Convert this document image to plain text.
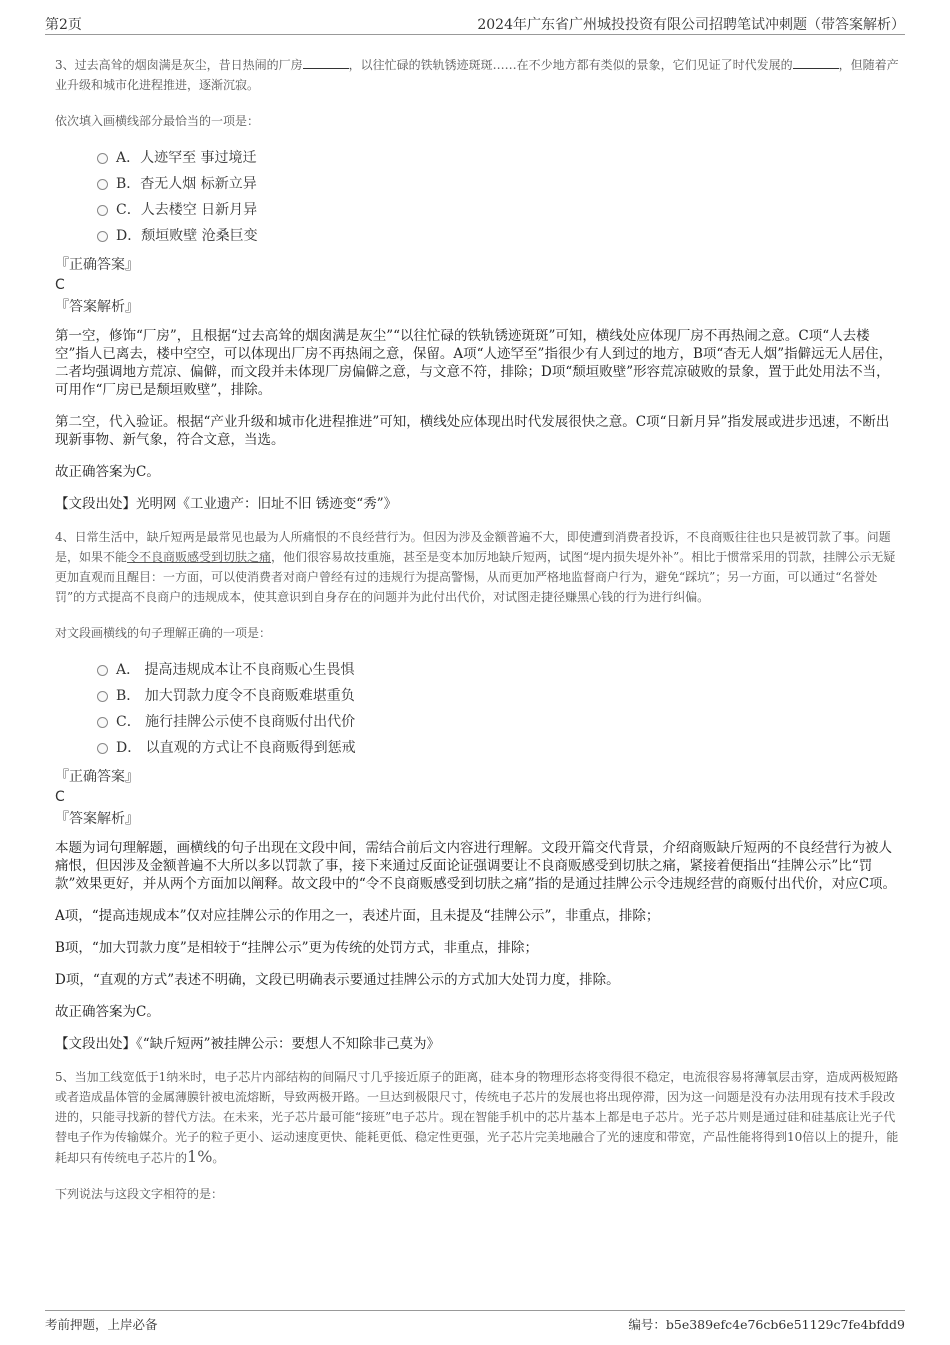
第2页	2024年广东省广州城投投资有限公司招聘笔试冲刺题（带答案解析）

3、过去高耸的烟囱满是灰尘，昔日热闹的厂房	，以往忙碌的铁轨锈迹斑斑……在不少地方都有类似的景象，它们见证了时代发展的	，但随着产业升级和城市化进程推进，逐渐沉寂。

依次填入画横线部分最恰当的一项是：

A．人迹罕至 事过境迁
B．杳无人烟 标新立异
C．人去楼空 日新月异
D．颓垣败壁 沧桑巨变

『正确答案』

C

『答案解析』

第一空，修饰“厂房”，且根据“过去高耸的烟囱满是灰尘”“以往忙碌的铁轨锈迹斑斑”可知，横线处应体现厂房不再热闹之意。C项“人去楼空”指人已离去，楼中空空，可以体现出厂房不再热闹之意，保留。A项“人迹罕至”指很少有人到过的地方，B项“杳无人烟”指僻远无人居住，二者均强调地方荒凉、偏僻，而文段并未体现厂房偏僻之意，与文意不符，排除；D项“颓垣败壁”形容荒凉破败的景象，置于此处用法不当，可用作“厂房已是颓垣败壁”，排除。

第二空，代入验证。根据“产业升级和城市化进程推进”可知，横线处应体现出时代发展很快之意。C项“日新月异”指发展或进步迅速，不断出现新事物、新气象，符合文意，当选。

故正确答案为C。

【文段出处】光明网《工业遗产：旧址不旧 锈迹变“秀”》

4、日常生活中，缺斤短两是最常见也最为人所痛恨的不良经营行为。但因为涉及金额普遍不大，即使遭到消费者投诉，不良商贩往往也只是被罚款了事。问题是，如果不能令不良商贩感受到切肤之痛，他们很容易故技重施，甚至是变本加厉地缺斤短两，试图“堤内损失堤外补”。相比于惯常采用的罚款，挂牌公示无疑更加直观而且醒目：一方面，可以使消费者对商户曾经有过的违规行为提高警惕，从而更加严格地监督商户行为，避免“踩坑”；另一方面，可以通过“名誉处罚”的方式提高不良商户的违规成本，使其意识到自身存在的问题并为此付出代价，对试图走捷径赚黑心钱的行为进行纠偏。

对文段画横线的句子理解正确的一项是：

A． 提高违规成本让不良商贩心生畏惧
B． 加大罚款力度令不良商贩难堪重负
C． 施行挂牌公示使不良商贩付出代价
D． 以直观的方式让不良商贩得到惩戒

『正确答案』

C

『答案解析』

本题为词句理解题，画横线的句子出现在文段中间，需结合前后文内容进行理解。文段开篇交代背景，介绍商贩缺斤短两的不良经营行为被人痛恨，但因涉及金额普遍不大所以多以罚款了事，接下来通过反面论证强调要让不良商贩感受到切肤之痛，紧接着便指出“挂牌公示”比“罚款”效果更好，并从两个方面加以阐释。故文段中的“令不良商贩感受到切肤之痛”指的是通过挂牌公示令违规经营的商贩付出代价，对应C项。

A项，“提高违规成本”仅对应挂牌公示的作用之一，表述片面，且未提及“挂牌公示”，非重点，排除；

B项，“加大罚款力度”是相较于“挂牌公示”更为传统的处罚方式，非重点，排除；

D项，“直观的方式”表述不明确，文段已明确表示要通过挂牌公示的方式加大处罚力度，排除。

故正确答案为C。

【文段出处】《“缺斤短两”被挂牌公示：要想人不知除非己莫为》

5、当加工线宽低于1纳米时，电子芯片内部结构的间隔尺寸几乎接近原子的距离，硅本身的物理形态将变得很不稳定，电流很容易将薄氧层击穿，造成两极短路或者造成晶体管的金属薄膜针被电流熔断，导致两极开路。一旦达到极限尺寸，传统电子芯片的发展也将出现停滞，因为这一问题是没有办法用现有技术手段改进的，只能寻找新的替代方法。在未来，光子芯片最可能“接班”电子芯片。现在智能手机中的芯片基本上都是电子芯片。光子芯片则是通过硅和硅基底让光子代替电子作为传输媒介。光子的粒子更小、运动速度更快、能耗更低、稳定性更强，光子芯片完美地融合了光的速度和带宽，产品性能将得到10倍以上的提升，能耗却只有传统电子芯片的1%。

下列说法与这段文字相符的是：

考前押题，上岸必备	编号：b5e389efc4e76cb6e51129c7fe4bfdd9
